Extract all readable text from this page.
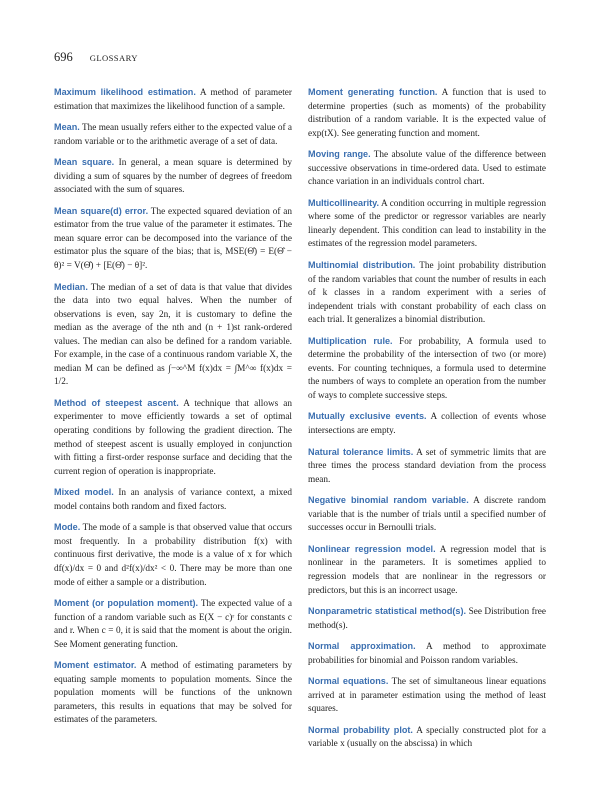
696 GLOSSARY

Maximum likelihood estimation. A method of parameter estimation that maximizes the likelihood function of a sample.

Mean. The mean usually refers either to the expected value of a random variable or to the arithmetic average of a set of data.

Mean square. In general, a mean square is determined by dividing a sum of squares by the number of degrees of freedom associated with the sum of squares.

Mean square(d) error. The expected squared deviation of an estimator from the true value of the parameter it estimates. The mean square error can be decomposed into the variance of the estimator plus the square of the bias; that is, MSE(Θ̂) = E(Θ̂ − θ)² = V(Θ̂) + [E(Θ̂) − θ]².

Median. The median of a set of data is that value that divides the data into two equal halves. When the number of observations is even, say 2n, it is customary to define the median as the average of the nth and (n + 1)st rank-ordered values. The median can also be defined for a random variable. For example, in the case of a continuous random variable X, the median M can be defined as ∫−∞^M f(x)dx = ∫M^∞ f(x)dx = 1/2.

Method of steepest ascent. A technique that allows an experimenter to move efficiently towards a set of optimal operating conditions by following the gradient direction. The method of steepest ascent is usually employed in conjunction with fitting a first-order response surface and deciding that the current region of operation is inappropriate.

Mixed model. In an analysis of variance context, a mixed model contains both random and fixed factors.

Mode. The mode of a sample is that observed value that occurs most frequently. In a probability distribution f(x) with continuous first derivative, the mode is a value of x for which df(x)/dx = 0 and d²f(x)/dx² < 0. There may be more than one mode of either a sample or a distribution.

Moment (or population moment). The expected value of a function of a random variable such as E(X − c)ʳ for constants c and r. When c = 0, it is said that the moment is about the origin. See Moment generating function.

Moment estimator. A method of estimating parameters by equating sample moments to population moments. Since the population moments will be functions of the unknown parameters, this results in equations that may be solved for estimates of the parameters.

Moment generating function. A function that is used to determine properties (such as moments) of the probability distribution of a random variable. It is the expected value of exp(tX). See generating function and moment.

Moving range. The absolute value of the difference between successive observations in time-ordered data. Used to estimate chance variation in an individuals control chart.

Multicollinearity. A condition occurring in multiple regression where some of the predictor or regressor variables are nearly linearly dependent. This condition can lead to instability in the estimates of the regression model parameters.

Multinomial distribution. The joint probability distribution of the random variables that count the number of results in each of k classes in a random experiment with a series of independent trials with constant probability of each class on each trial. It generalizes a binomial distribution.

Multiplication rule. For probability, A formula used to determine the probability of the intersection of two (or more) events. For counting techniques, a formula used to determine the numbers of ways to complete an operation from the number of ways to complete successive steps.

Mutually exclusive events. A collection of events whose intersections are empty.

Natural tolerance limits. A set of symmetric limits that are three times the process standard deviation from the process mean.

Negative binomial random variable. A discrete random variable that is the number of trials until a specified number of successes occur in Bernoulli trials.

Nonlinear regression model. A regression model that is nonlinear in the parameters. It is sometimes applied to regression models that are nonlinear in the regressors or predictors, but this is an incorrect usage.

Nonparametric statistical method(s). See Distribution free method(s).

Normal approximation. A method to approximate probabilities for binomial and Poisson random variables.

Normal equations. The set of simultaneous linear equations arrived at in parameter estimation using the method of least squares.

Normal probability plot. A specially constructed plot for a variable x (usually on the abscissa) in which
